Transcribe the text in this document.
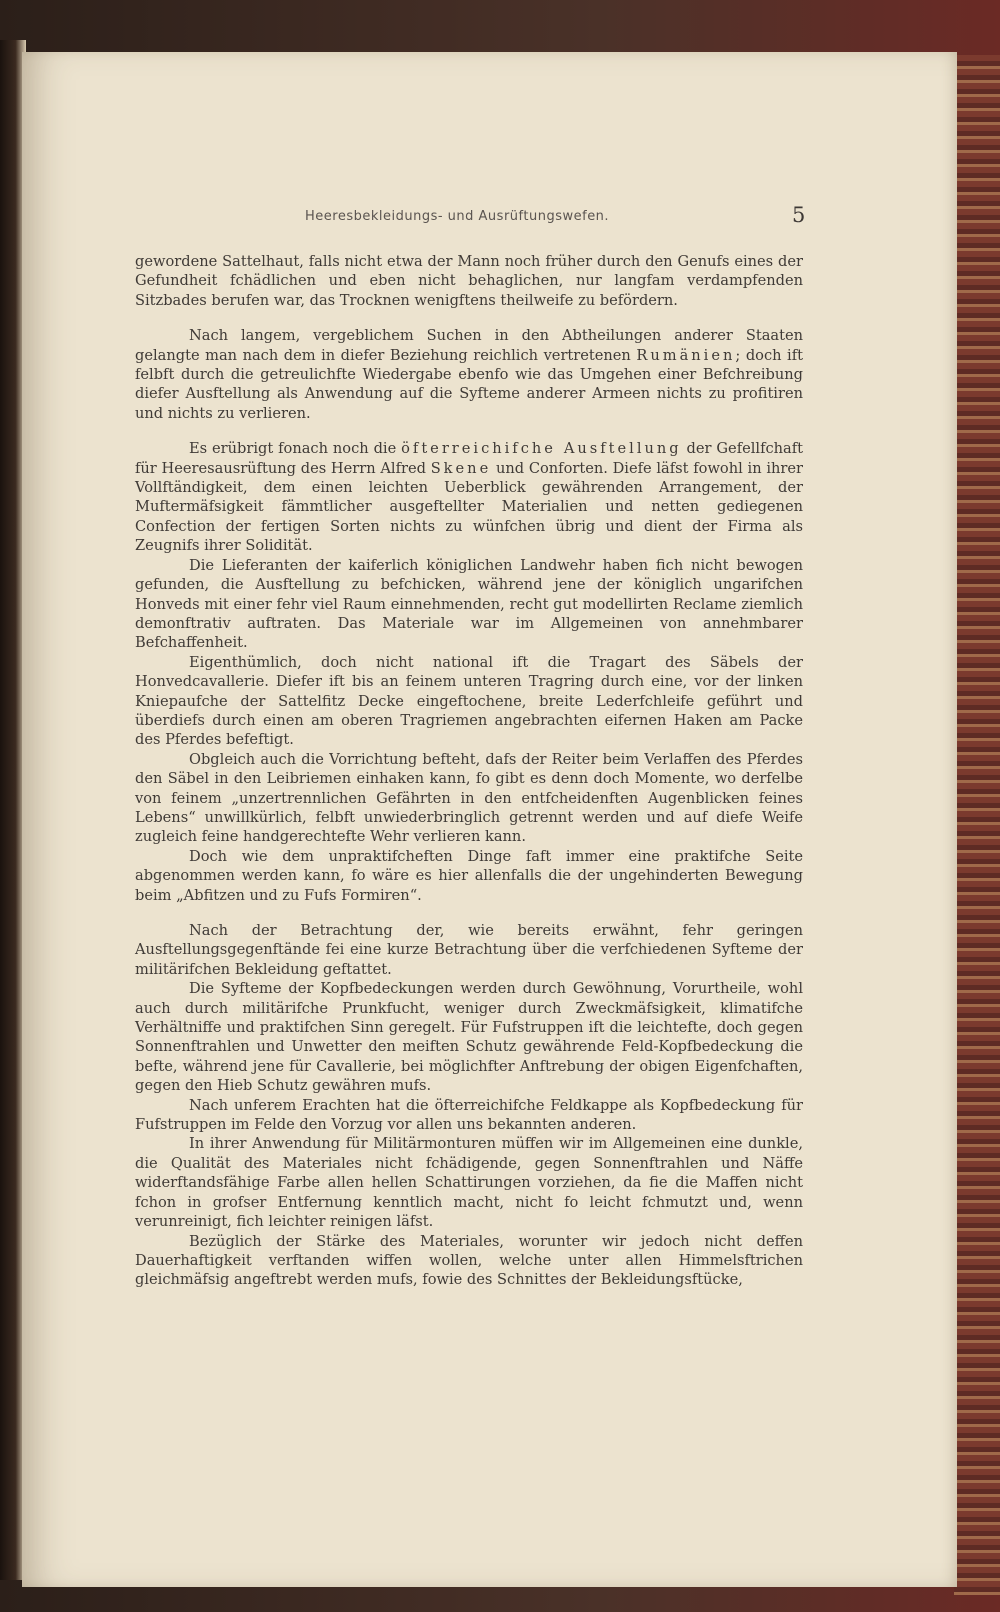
Heeresbekleidungs- und Ausrüftungswefen.	5

gewordene Sattelhaut, falls nicht etwa der Mann noch früher durch den Genufs eines der Gefundheit fchädlichen und eben nicht behaglichen, nur langfam verdampfenden Sitzbades berufen war, das Trocknen wenigftens theilweife zu befördern.

Nach langem, vergeblichem Suchen in den Abtheilungen anderer Staaten gelangte man nach dem in diefer Beziehung reichlich vertretenen Rumänien; doch ift felbft durch die getreulichfte Wiedergabe ebenfo wie das Umgehen einer Befchreibung diefer Ausftellung als Anwendung auf die Syfteme anderer Armeen nichts zu profitiren und nichts zu verlieren.

Es erübrigt fonach noch die öfterreichifche Ausftellung der Gefellfchaft für Heeresausrüftung des Herrn Alfred Skene und Conforten. Diefe läfst fowohl in ihrer Vollftändigkeit, dem einen leichten Ueberblick gewährenden Arrangement, der Muftermäfsigkeit fämmtlicher ausgeftellter Materialien und netten gediegenen Confection der fertigen Sorten nichts zu wünfchen übrig und dient der Firma als Zeugnifs ihrer Solidität.

Die Lieferanten der kaiferlich königlichen Landwehr haben fich nicht bewogen gefunden, die Ausftellung zu befchicken, während jene der königlich ungarifchen Honveds mit einer fehr viel Raum einnehmenden, recht gut modellirten Reclame ziemlich demonftrativ auftraten. Das Materiale war im Allgemeinen von annehmbarer Befchaffenheit.

Eigenthümlich, doch nicht national ift die Tragart des Säbels der Honvedcavallerie. Diefer ift bis an feinem unteren Tragring durch eine, vor der linken Kniepaufche der Sattelfitz Decke eingeftochene, breite Lederfchleife geführt und überdiefs durch einen am oberen Tragriemen angebrachten eifernen Haken am Packe des Pferdes befeftigt.

Obgleich auch die Vorrichtung befteht, dafs der Reiter beim Verlaffen des Pferdes den Säbel in den Leibriemen einhaken kann, fo gibt es denn doch Momente, wo derfelbe von feinem „unzertrennlichen Gefährten in den entfcheidenften Augenblicken feines Lebens“ unwillkürlich, felbft unwiederbringlich getrennt werden und auf diefe Weife zugleich feine handgerechtefte Wehr verlieren kann.

Doch wie dem unpraktifcheften Dinge faft immer eine praktifche Seite abgenommen werden kann, fo wäre es hier allenfalls die der ungehinderten Bewegung beim „Abfitzen und zu Fufs Formiren“.

Nach der Betrachtung der, wie bereits erwähnt, fehr geringen Ausftellungsgegenftände fei eine kurze Betrachtung über die verfchiedenen Syfteme der militärifchen Bekleidung geftattet.

Die Syfteme der Kopfbedeckungen werden durch Gewöhnung, Vorurtheile, wohl auch durch militärifche Prunkfucht, weniger durch Zweckmäfsigkeit, klimatifche Verhältniffe und praktifchen Sinn geregelt. Für Fufstruppen ift die leichtefte, doch gegen Sonnenftrahlen und Unwetter den meiften Schutz gewährende Feld-Kopfbedeckung die befte, während jene für Cavallerie, bei möglichfter Anftrebung der obigen Eigenfchaften, gegen den Hieb Schutz gewähren mufs.

Nach unferem Erachten hat die öfterreichifche Feldkappe als Kopfbedeckung für Fufstruppen im Felde den Vorzug vor allen uns bekannten anderen.

In ihrer Anwendung für Militärmonturen müffen wir im Allgemeinen eine dunkle, die Qualität des Materiales nicht fchädigende, gegen Sonnenftrahlen und Näffe widerftandsfähige Farbe allen hellen Schattirungen vorziehen, da fie die Maffen nicht fchon in grofser Entfernung kenntlich macht, nicht fo leicht fchmutzt und, wenn verunreinigt, fich leichter reinigen läfst.

Bezüglich der Stärke des Materiales, worunter wir jedoch nicht deffen Dauerhaftigkeit verftanden wiffen wollen, welche unter allen Himmelsftrichen gleichmäfsig angeftrebt werden mufs, fowie des Schnittes der Bekleidungsftücke,
